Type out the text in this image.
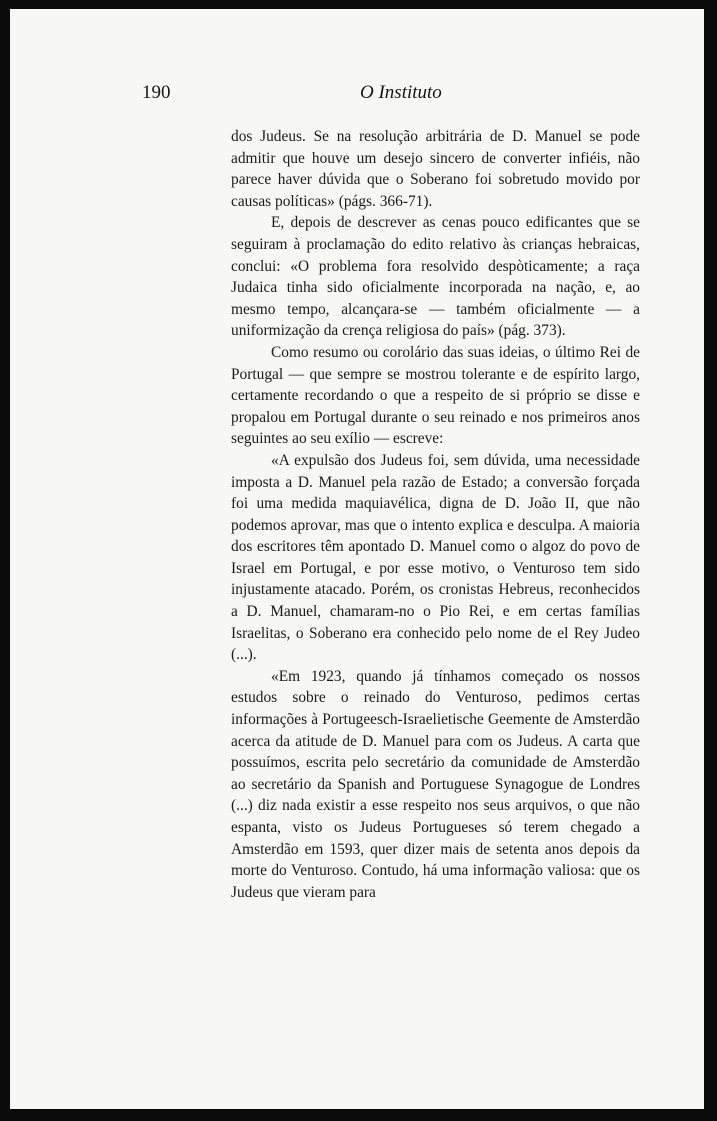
190	O Instituto

dos Judeus. Se na resolução arbitrária de D. Manuel se pode admitir que houve um desejo sincero de converter infiéis, não parece haver dúvida que o Soberano foi sobretudo movido por causas políticas» (págs. 366-71).

E, depois de descrever as cenas pouco edificantes que se seguiram à proclamação do edito relativo às crianças hebraicas, conclui: «O problema fora resolvido despòticamente; a raça Judaica tinha sido oficialmente incorporada na nação, e, ao mesmo tempo, alcançara-se — também oficialmente — a uniformização da crença religiosa do país» (pág. 373).

Como resumo ou corolário das suas ideias, o último Rei de Portugal — que sempre se mostrou tolerante e de espírito largo, certamente recordando o que a respeito de si próprio se disse e propalou em Portugal durante o seu reinado e nos primeiros anos seguintes ao seu exílio — escreve:

«A expulsão dos Judeus foi, sem dúvida, uma necessidade imposta a D. Manuel pela razão de Estado; a conversão forçada foi uma medida maquiavélica, digna de D. João II, que não podemos aprovar, mas que o intento explica e desculpa. A maioria dos escritores têm apontado D. Manuel como o algoz do povo de Israel em Portugal, e por esse motivo, o Venturoso tem sido injustamente atacado. Porém, os cronistas Hebreus, reconhecidos a D. Manuel, chamaram-no o Pio Rei, e em certas famílias Israelitas, o Soberano era conhecido pelo nome de el Rey Judeo (...).

«Em 1923, quando já tínhamos começado os nossos estudos sobre o reinado do Venturoso, pedimos certas informações à Portugeesch-Israelietische Geemente de Amsterdão acerca da atitude de D. Manuel para com os Judeus. A carta que possuímos, escrita pelo secretário da comunidade de Amsterdão ao secretário da Spanish and Portuguese Synagogue de Londres (...) diz nada existir a esse respeito nos seus arquivos, o que não espanta, visto os Judeus Portugueses só terem chegado a Amsterdão em 1593, quer dizer mais de setenta anos depois da morte do Venturoso. Contudo, há uma informação valiosa: que os Judeus que vieram para
